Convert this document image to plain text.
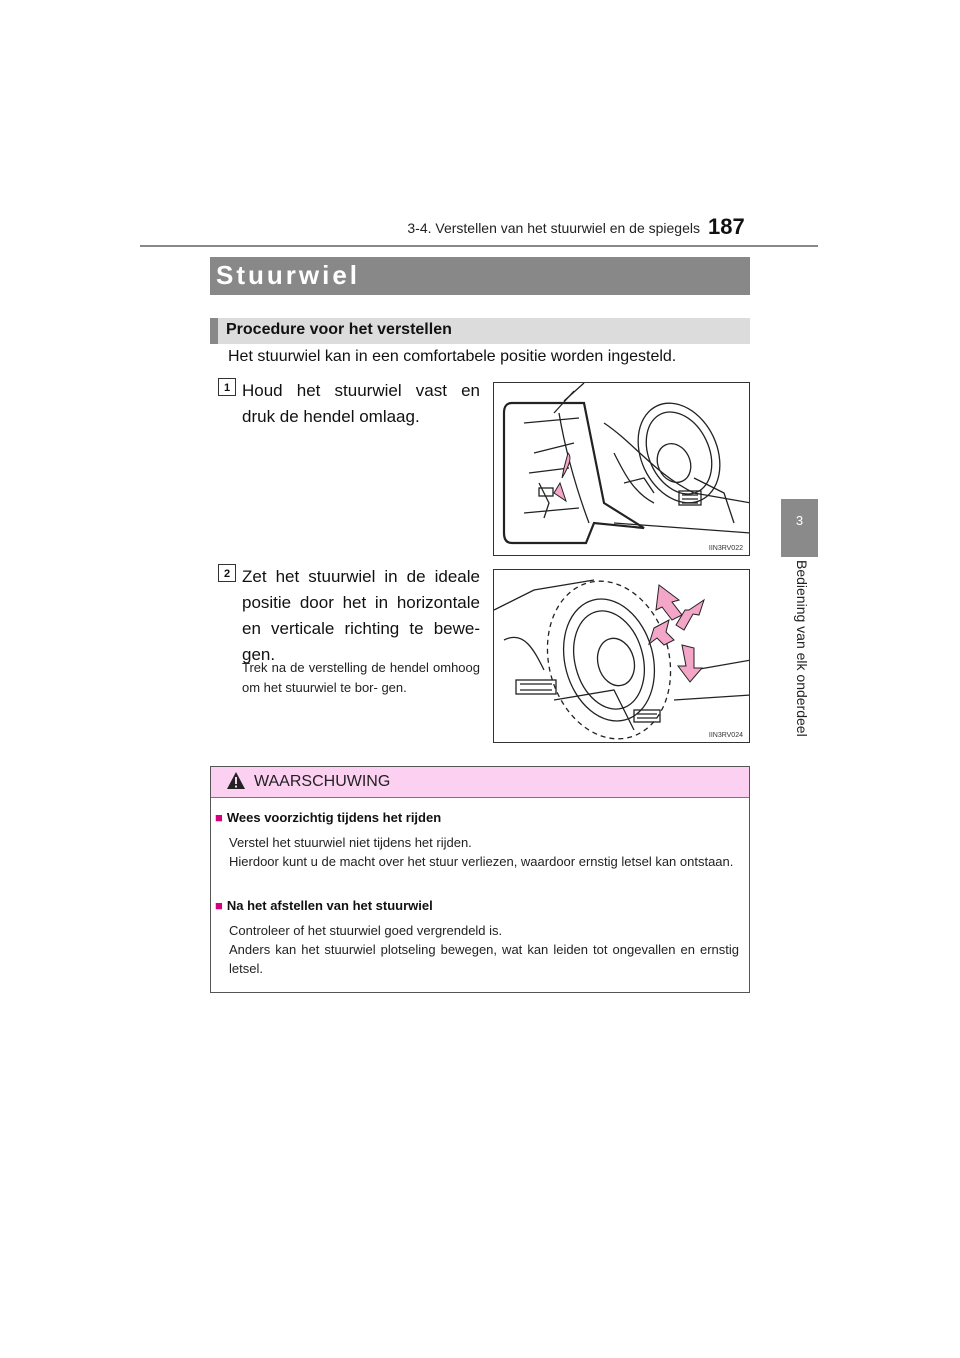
3-4. Verstellen van het stuurwiel en de spiegels 187
3
Bediening van elk onderdeel
Stuurwiel
Procedure voor het verstellen
Het stuurwiel kan in een comfortabele positie worden ingesteld.
1 Houd het stuurwiel vast en druk de hendel omlaag.
IIN3RV022
2 Zet het stuurwiel in de ideale positie door het in horizontale en verticale richting te bewe- gen.
Trek na de verstelling de hendel omhoog om het stuurwiel te bor- gen.
IIN3RV024
WAARSCHUWING
■ Wees voorzichtig tijdens het rijden
Verstel het stuurwiel niet tijdens het rijden.
Hierdoor kunt u de macht over het stuur verliezen, waardoor ernstig letsel kan ontstaan.
■ Na het afstellen van het stuurwiel
Controleer of het stuurwiel goed vergrendeld is.
Anders kan het stuurwiel plotseling bewegen, wat kan leiden tot ongevallen en ernstig letsel.
